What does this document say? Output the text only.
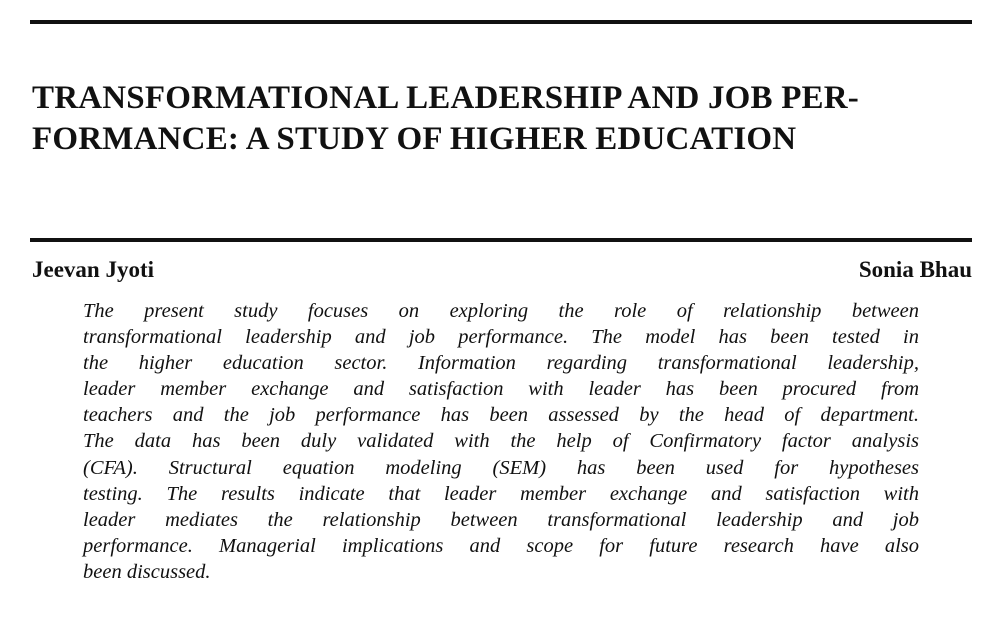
TRANSFORMATIONAL LEADERSHIP AND JOB PER-
FORMANCE: A STUDY OF HIGHER EDUCATION
Jeevan Jyoti	Sonia Bhau
The present study focuses on exploring the role of relationship between
transformational leadership and job performance. The model has been tested in
the higher education sector. Information regarding transformational leadership,
leader member exchange and satisfaction with leader has been procured from
teachers and the job performance has been assessed by the head of department.
The data has been duly validated with the help of Confirmatory factor analysis
(CFA). Structural equation modeling (SEM) has been used for hypotheses
testing. The results indicate that leader member exchange and satisfaction with
leader mediates the relationship between transformational leadership and job
performance. Managerial implications and scope for future research have also
been discussed.
